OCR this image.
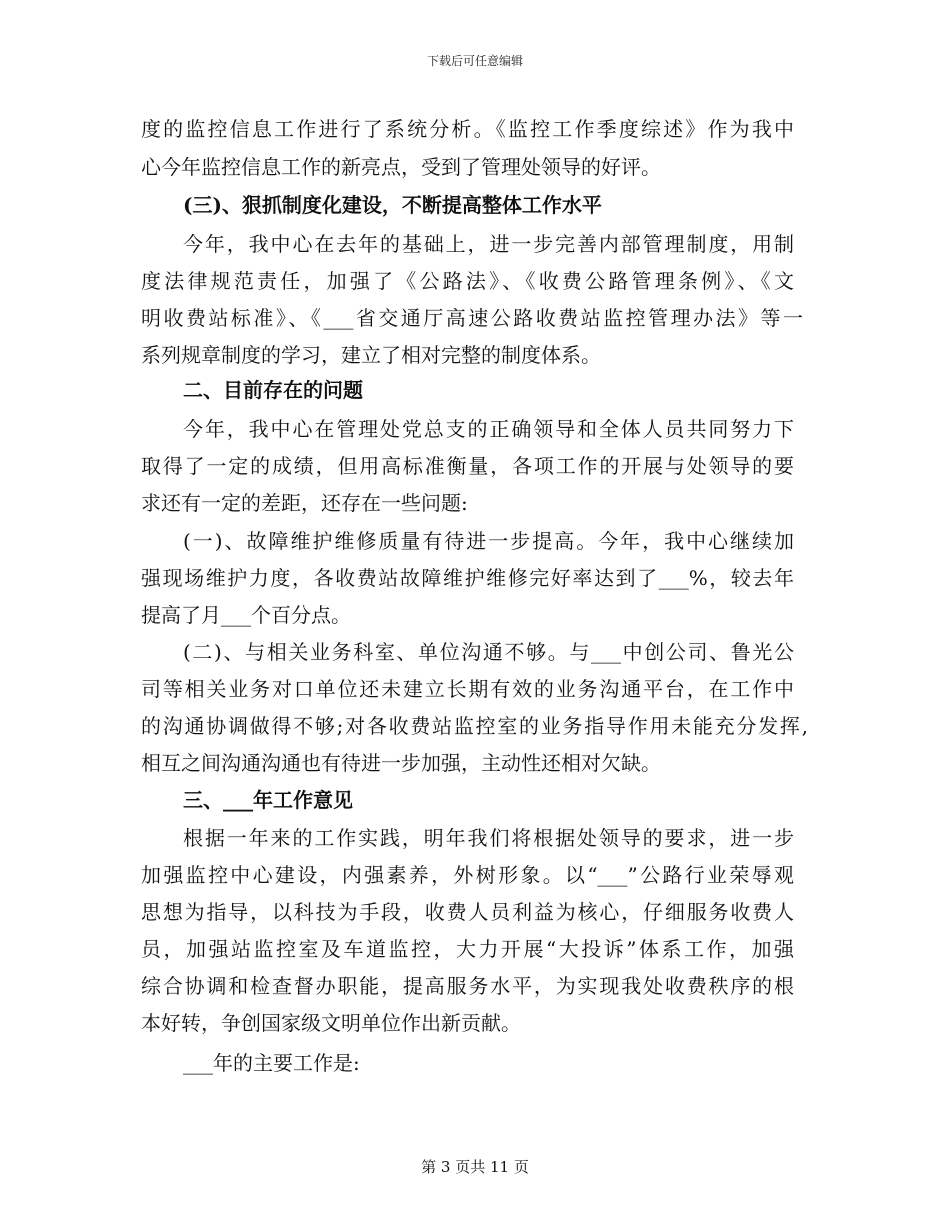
下载后可任意编辑
度的监控信息工作进行了系统分析。《监控工作季度综述》作为我中
心今年监控信息工作的新亮点，受到了管理处领导的好评。
(三)、狠抓制度化建设，不断提高整体工作水平
今年，我中心在去年的基础上，进一步完善内部管理制度，用制
度法律规范责任，加强了《公路法》、《收费公路管理条例》、《文
明收费站标准》、《___省交通厅高速公路收费站监控管理办法》等一
系列规章制度的学习，建立了相对完整的制度体系。
二、目前存在的问题
今年，我中心在管理处党总支的正确领导和全体人员共同努力下
取得了一定的成绩，但用高标准衡量，各项工作的开展与处领导的要
求还有一定的差距，还存在一些问题:
(一)、故障维护维修质量有待进一步提高。今年，我中心继续加
强现场维护力度，各收费站故障维护维修完好率达到了___%，较去年
提高了月___个百分点。
(二)、与相关业务科室、单位沟通不够。与___中创公司、鲁光公
司等相关业务对口单位还未建立长期有效的业务沟通平台，在工作中
的沟通协调做得不够;对各收费站监控室的业务指导作用未能充分发挥,
相互之间沟通沟通也有待进一步加强，主动性还相对欠缺。
三、___年工作意见
根据一年来的工作实践，明年我们将根据处领导的要求，进一步
加强监控中心建设，内强素养，外树形象。以“___”公路行业荣辱观
思想为指导，以科技为手段，收费人员利益为核心，仔细服务收费人
员，加强站监控室及车道监控，大力开展“大投诉”体系工作，加强
综合协调和检查督办职能，提高服务水平，为实现我处收费秩序的根
本好转，争创国家级文明单位作出新贡献。
___年的主要工作是:
第 3 页共 11 页
